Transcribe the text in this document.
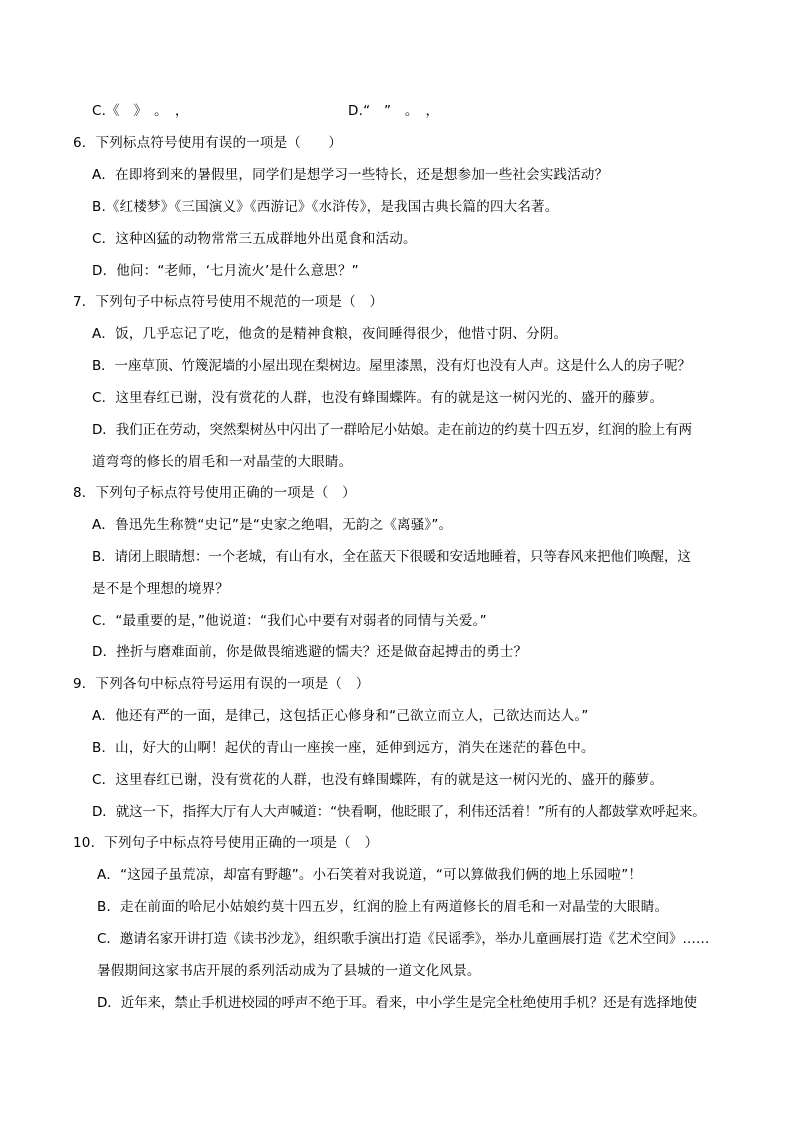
C.《　》　。　，	D.“　”　。　，
6．下列标点符号使用有误的一项是（　　）
A．在即将到来的暑假里，同学们是想学习一些特长，还是想参加一些社会实践活动？
B.《红楼梦》《三国演义》《西游记》《水浒传》，是我国古典长篇的四大名著。
C．这种凶猛的动物常常三五成群地外出觅食和活动。
D．他问：“老师，‘七月流火’是什么意思？”
7．下列句子中标点符号使用不规范的一项是（　）
A．饭，几乎忘记了吃，他贪的是精神食粮，夜间睡得很少，他惜寸阴、分阴。
B．一座草顶、竹篾泥墙的小屋出现在梨树边。屋里漆黑，没有灯也没有人声。这是什么人的房子呢？
C．这里春红已谢，没有赏花的人群，也没有蜂围蝶阵。有的就是这一树闪光的、盛开的藤萝。
D．我们正在劳动，突然梨树丛中闪出了一群哈尼小姑娘。走在前边的约莫十四五岁，红润的脸上有两
道弯弯的修长的眉毛和一对晶莹的大眼睛。
8．下列句子标点符号使用正确的一项是（　）
A．鲁迅先生称赞“史记”是“史家之绝唱，无韵之《离骚》”。
B．请闭上眼睛想：一个老城，有山有水，全在蓝天下很暖和安适地睡着，只等春风来把他们唤醒，这
是不是个理想的境界？
C．“最重要的是，”他说道：“我们心中要有对弱者的同情与关爱。”
D．挫折与磨难面前，你是做畏缩逃避的懦夫？还是做奋起搏击的勇士？
9．下列各句中标点符号运用有误的一项是（　）
A．他还有严的一面，是律己，这包括正心修身和“己欲立而立人，己欲达而达人。”
B．山，好大的山啊！起伏的青山一座挨一座，延伸到远方，消失在迷茫的暮色中。
C．这里春红已谢，没有赏花的人群，也没有蜂围蝶阵，有的就是这一树闪光的、盛开的藤萝。
D．就这一下，指挥大厅有人大声喊道：“快看啊，他眨眼了，利伟还活着！”所有的人都鼓掌欢呼起来。
10．下列句子中标点符号使用正确的一项是（　）
A．“这园子虽荒凉，却富有野趣”。小石笑着对我说道，“可以算做我们俩的地上乐园啦”！
B．走在前面的哈尼小姑娘约莫十四五岁，红润的脸上有两道修长的眉毛和一对晶莹的大眼睛。
C．邀请名家开讲打造《读书沙龙》，组织歌手演出打造《民谣季》，举办儿童画展打造《艺术空间》……
暑假期间这家书店开展的系列活动成为了县城的一道文化风景。
D．近年来，禁止手机进校园的呼声不绝于耳。看来，中小学生是完全杜绝使用手机？还是有选择地使
